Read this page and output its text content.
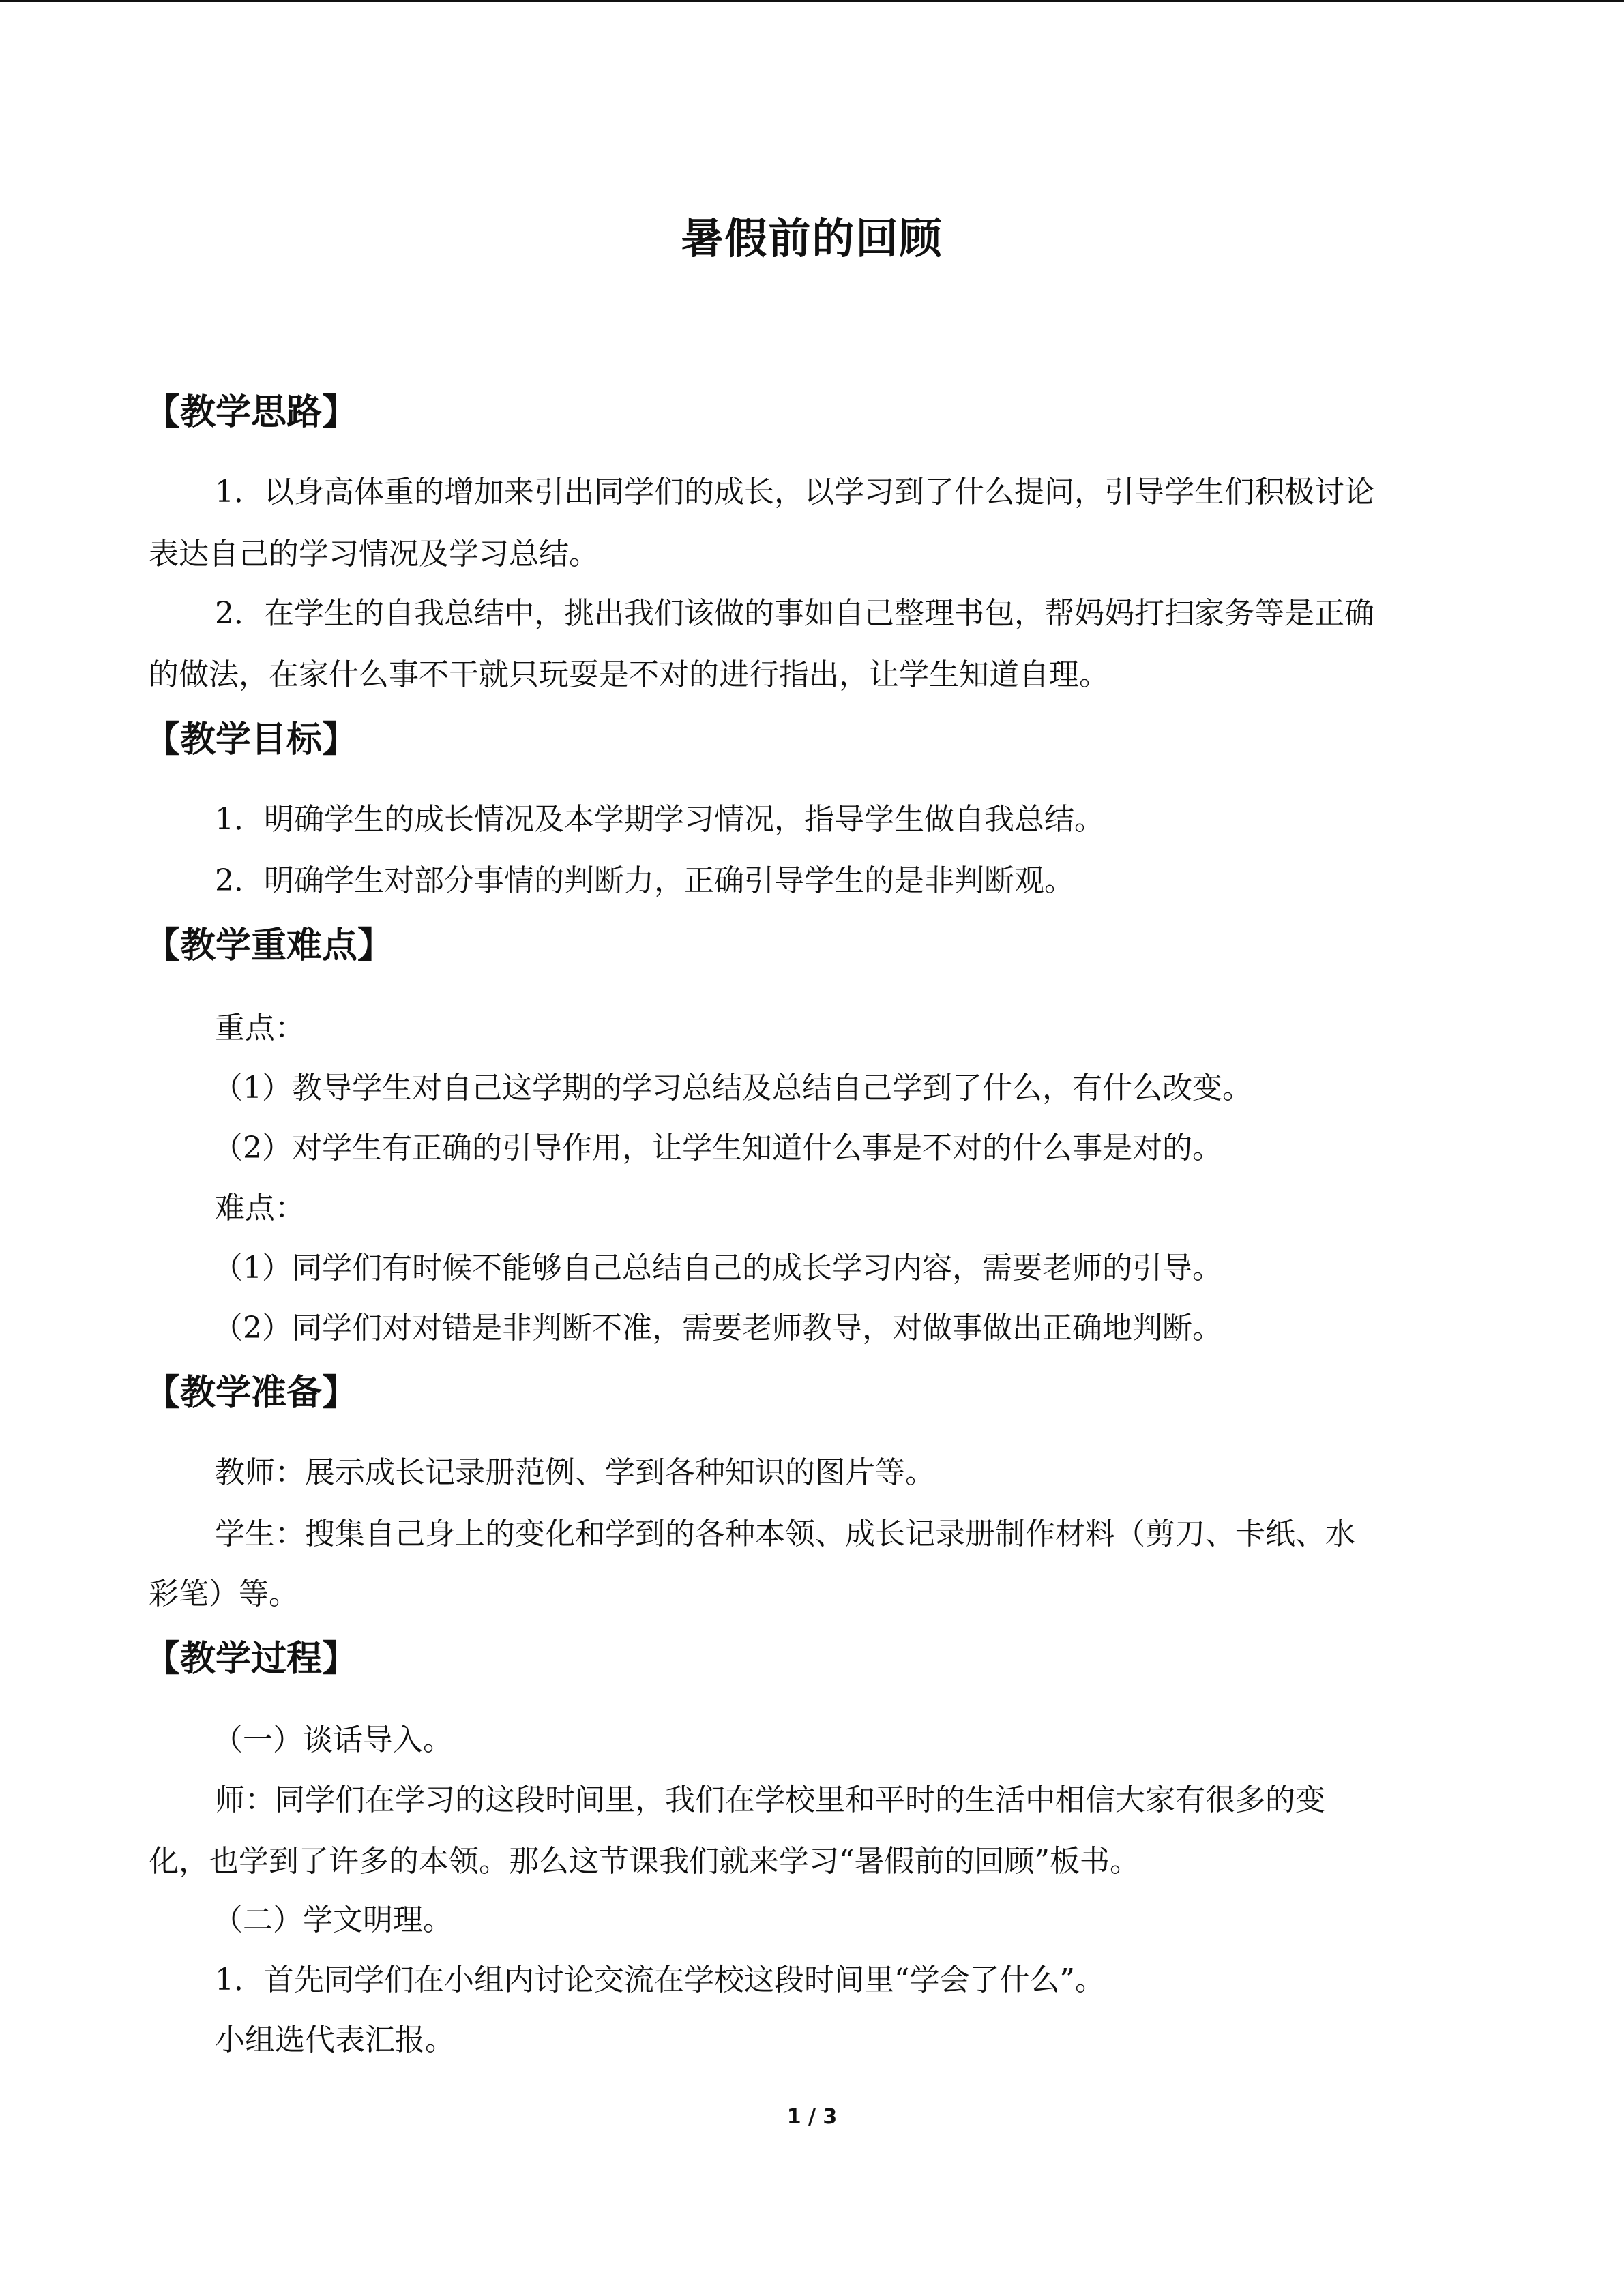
暑假前的回顾
【教学思路】
1．以身高体重的增加来引出同学们的成长，以学习到了什么提问，引导学生们积极讨论
表达自己的学习情况及学习总结。
2．在学生的自我总结中，挑出我们该做的事如自己整理书包，帮妈妈打扫家务等是正确
的做法，在家什么事不干就只玩耍是不对的进行指出，让学生知道自理。
【教学目标】
1．明确学生的成长情况及本学期学习情况，指导学生做自我总结。
2．明确学生对部分事情的判断力，正确引导学生的是非判断观。
【教学重难点】
重点：
（1）教导学生对自己这学期的学习总结及总结自己学到了什么，有什么改变。
（2）对学生有正确的引导作用，让学生知道什么事是不对的什么事是对的。
难点：
（1）同学们有时候不能够自己总结自己的成长学习内容，需要老师的引导。
（2）同学们对对错是非判断不准，需要老师教导，对做事做出正确地判断。
【教学准备】
教师：展示成长记录册范例、学到各种知识的图片等。
学生：搜集自己身上的变化和学到的各种本领、成长记录册制作材料（剪刀、卡纸、水
彩笔）等。
【教学过程】
（一）谈话导入。
师：同学们在学习的这段时间里，我们在学校里和平时的生活中相信大家有很多的变
化，也学到了许多的本领。那么这节课我们就来学习“暑假前的回顾”板书。
（二）学文明理。
1．首先同学们在小组内讨论交流在学校这段时间里“学会了什么”。
小组选代表汇报。
1 / 3
